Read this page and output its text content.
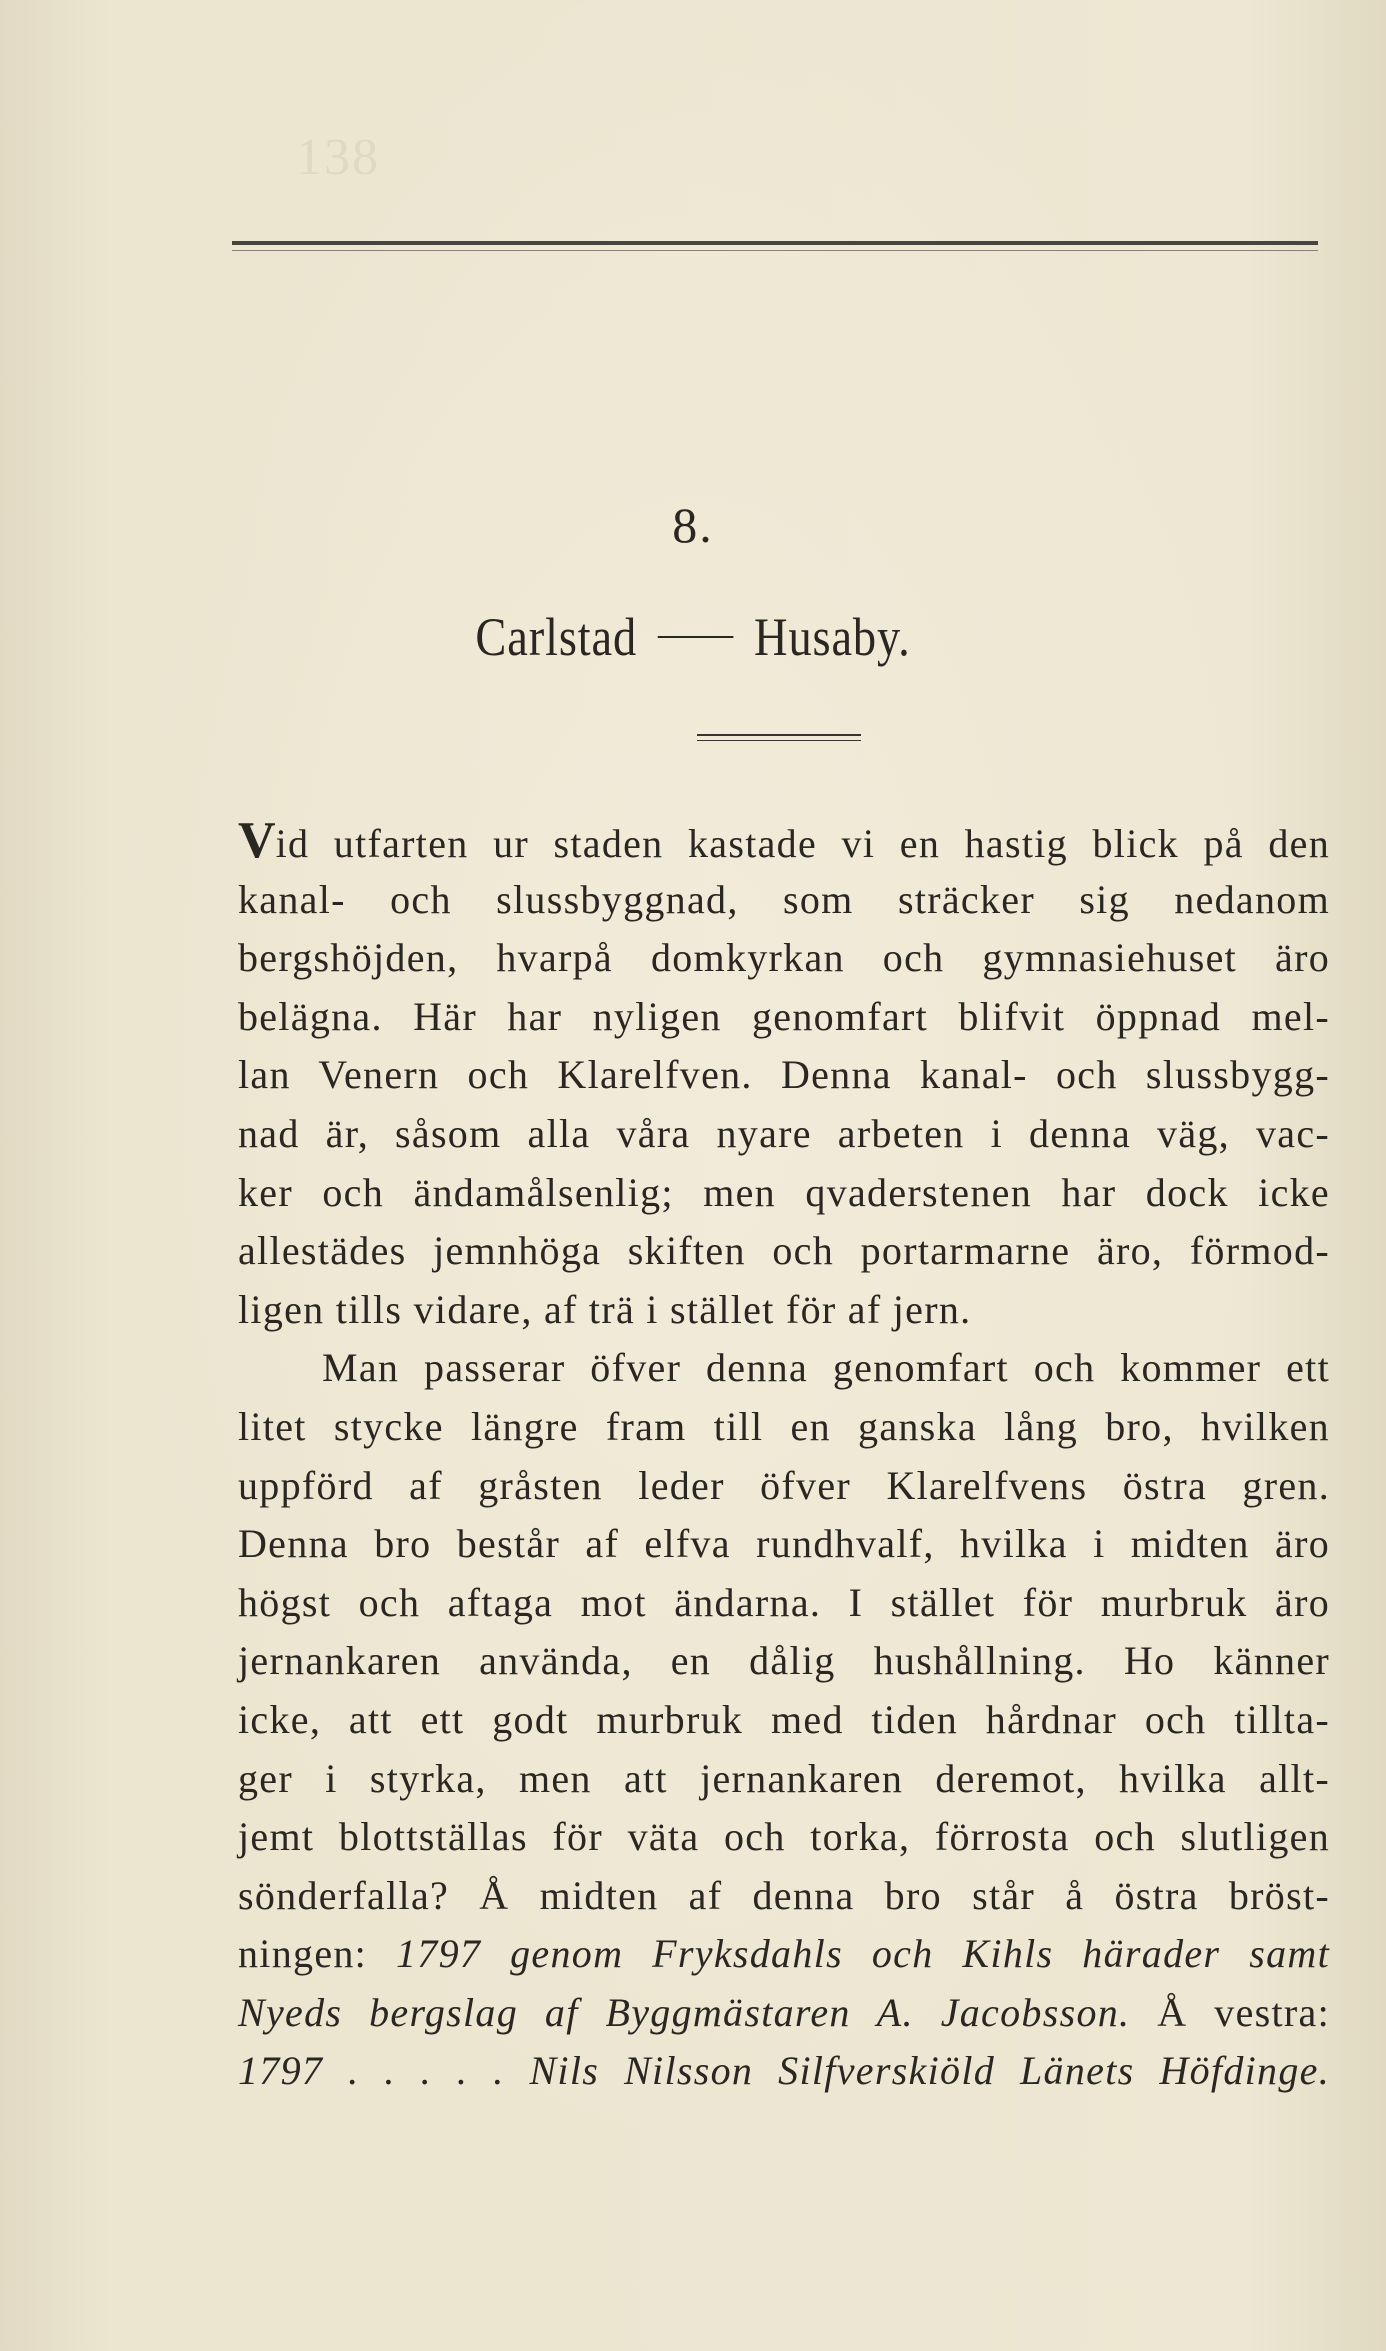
138
8.
Carlstad Husaby.
Vid utfarten ur staden kastade vi en hastig blick på den
kanal- och slussbyggnad, som sträcker sig nedanom
bergshöjden, hvarpå domkyrkan och gymnasiehuset äro
belägna. Här har nyligen genomfart blifvit öppnad mel-
lan Venern och Klarelfven. Denna kanal- och slussbygg-
nad är, såsom alla våra nyare arbeten i denna väg, vac-
ker och ändamålsenlig; men qvaderstenen har dock icke
allestädes jemnhöga skiften och portarmarne äro, förmod-
ligen tills vidare, af trä i stället för af jern.
Man passerar öfver denna genomfart och kommer ett
litet stycke längre fram till en ganska lång bro, hvilken
uppförd af gråsten leder öfver Klarelfvens östra gren.
Denna bro består af elfva rundhvalf, hvilka i midten äro
högst och aftaga mot ändarna. I stället för murbruk äro
jernankaren använda, en dålig hushållning. Ho känner
icke, att ett godt murbruk med tiden hårdnar och tillta-
ger i styrka, men att jernankaren deremot, hvilka allt-
jemt blottställas för väta och torka, förrosta och slutligen
sönderfalla? Å midten af denna bro står å östra bröst-
ningen: 1797 genom Fryksdahls och Kihls härader samt
Nyeds bergslag af Byggmästaren A. Jacobsson. Å vestra:
1797 . . . . . Nils Nilsson Silfverskiöld Länets Höfdinge.
